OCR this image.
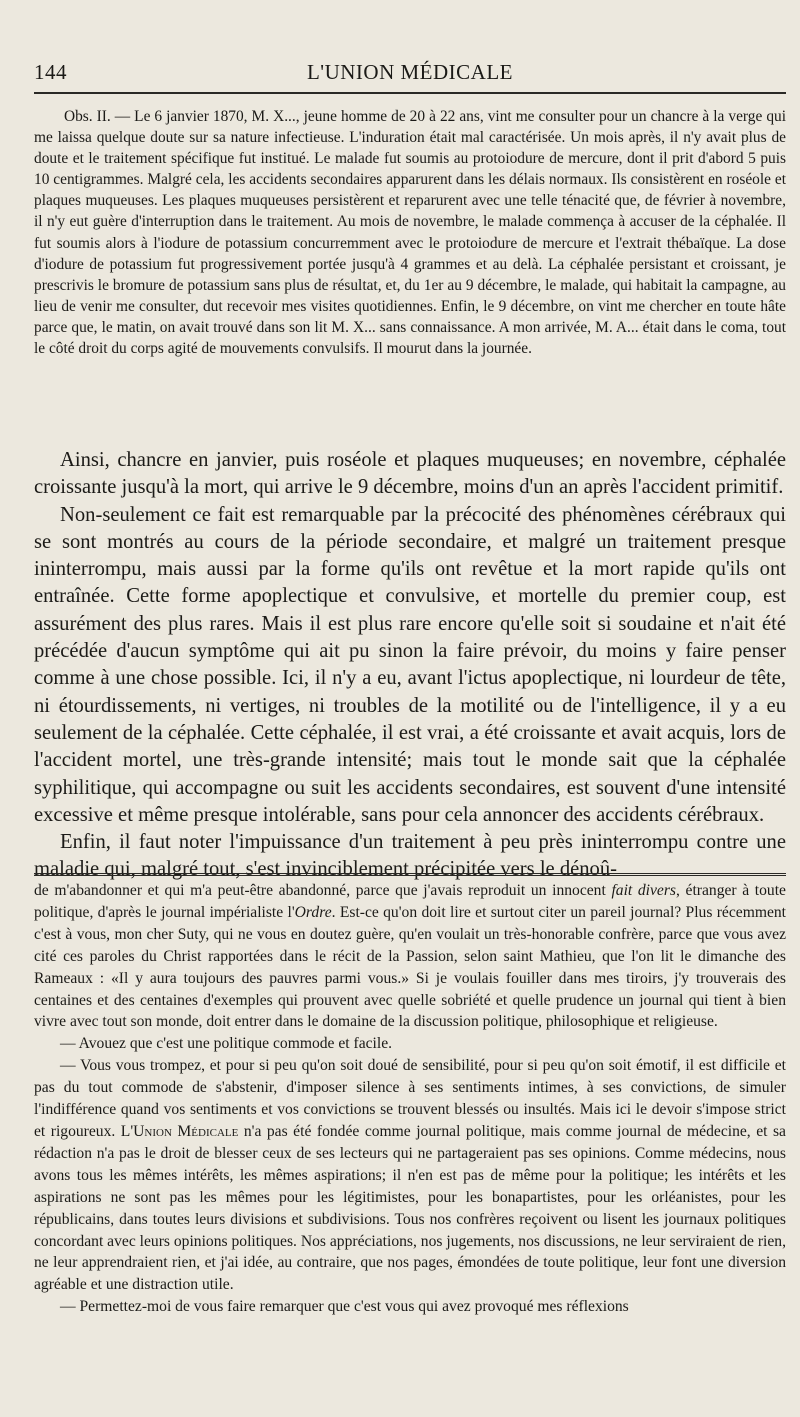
144	L'UNION MÉDICALE

Obs. II. — Le 6 janvier 1870, M. X..., jeune homme de 20 à 22 ans, vint me consulter pour un chancre à la verge qui me laissa quelque doute sur sa nature infectieuse. L'induration était mal caractérisée. Un mois après, il n'y avait plus de doute et le traitement spécifique fut institué. Le malade fut soumis au protoiodure de mercure, dont il prit d'abord 5 puis 10 centigrammes. Malgré cela, les accidents secondaires apparurent dans les délais normaux. Ils consistèrent en roséole et plaques muqueuses. Les plaques muqueuses persistèrent et reparurent avec une telle ténacité que, de février à novembre, il n'y eut guère d'interruption dans le traitement. Au mois de novembre, le malade commença à accuser de la céphalée. Il fut soumis alors à l'iodure de potassium concurremment avec le protoiodure de mercure et l'extrait thébaïque. La dose d'iodure de potassium fut progressivement portée jusqu'à 4 grammes et au delà. La céphalée persistant et croissant, je prescrivis le bromure de potassium sans plus de résultat, et, du 1er au 9 décembre, le malade, qui habitait la campagne, au lieu de venir me consulter, dut recevoir mes visites quotidiennes. Enfin, le 9 décembre, on vint me chercher en toute hâte parce que, le matin, on avait trouvé dans son lit M. X... sans connaissance. A mon arrivée, M. A... était dans le coma, tout le côté droit du corps agité de mouvements convulsifs. Il mourut dans la journée.

Ainsi, chancre en janvier, puis roséole et plaques muqueuses; en novembre, céphalée croissante jusqu'à la mort, qui arrive le 9 décembre, moins d'un an après l'accident primitif.

Non-seulement ce fait est remarquable par la précocité des phénomènes cérébraux qui se sont montrés au cours de la période secondaire, et malgré un traitement presque ininterrompu, mais aussi par la forme qu'ils ont revêtue et la mort rapide qu'ils ont entraînée. Cette forme apoplectique et convulsive, et mortelle du premier coup, est assurément des plus rares. Mais il est plus rare encore qu'elle soit si soudaine et n'ait été précédée d'aucun symptôme qui ait pu sinon la faire prévoir, du moins y faire penser comme à une chose possible. Ici, il n'y a eu, avant l'ictus apoplectique, ni lourdeur de tête, ni étourdissements, ni vertiges, ni troubles de la motilité ou de l'intelligence, il y a eu seulement de la céphalée. Cette céphalée, il est vrai, a été croissante et avait acquis, lors de l'accident mortel, une très-grande intensité; mais tout le monde sait que la céphalée syphilitique, qui accompagne ou suit les accidents secondaires, est souvent d'une intensité excessive et même presque intolérable, sans pour cela annoncer des accidents cérébraux.

Enfin, il faut noter l'impuissance d'un traitement à peu près ininterrompu contre une maladie qui, malgré tout, s'est invinciblement précipitée vers le dénoû-

de m'abandonner et qui m'a peut-être abandonné, parce que j'avais reproduit un innocent fait divers, étranger à toute politique, d'après le journal impérialiste l'Ordre. Est-ce qu'on doit lire et surtout citer un pareil journal? Plus récemment c'est à vous, mon cher Suty, qui ne vous en doutez guère, qu'en voulait un très-honorable confrère, parce que vous avez cité ces paroles du Christ rapportées dans le récit de la Passion, selon saint Mathieu, que l'on lit le dimanche des Rameaux : «Il y aura toujours des pauvres parmi vous.» Si je voulais fouiller dans mes tiroirs, j'y trouverais des centaines et des centaines d'exemples qui prouvent avec quelle sobriété et quelle prudence un journal qui tient à bien vivre avec tout son monde, doit entrer dans le domaine de la discussion politique, philosophique et religieuse.

— Avouez que c'est une politique commode et facile.

— Vous vous trompez, et pour si peu qu'on soit doué de sensibilité, pour si peu qu'on soit émotif, il est difficile et pas du tout commode de s'abstenir, d'imposer silence à ses sentiments intimes, à ses convictions, de simuler l'indifférence quand vos sentiments et vos convictions se trouvent blessés ou insultés. Mais ici le devoir s'impose strict et rigoureux. L'Union Médicale n'a pas été fondée comme journal politique, mais comme journal de médecine, et sa rédaction n'a pas le droit de blesser ceux de ses lecteurs qui ne partageraient pas ses opinions. Comme médecins, nous avons tous les mêmes intérêts, les mêmes aspirations; il n'en est pas de même pour la politique; les intérêts et les aspirations ne sont pas les mêmes pour les légitimistes, pour les bonapartistes, pour les orléanistes, pour les républicains, dans toutes leurs divisions et subdivisions. Tous nos confrères reçoivent ou lisent les journaux politiques concordant avec leurs opinions politiques. Nos appréciations, nos jugements, nos discussions, ne leur serviraient de rien, ne leur apprendraient rien, et j'ai idée, au contraire, que nos pages, émondées de toute politique, leur font une diversion agréable et une distraction utile.

— Permettez-moi de vous faire remarquer que c'est vous qui avez provoqué mes réflexions
